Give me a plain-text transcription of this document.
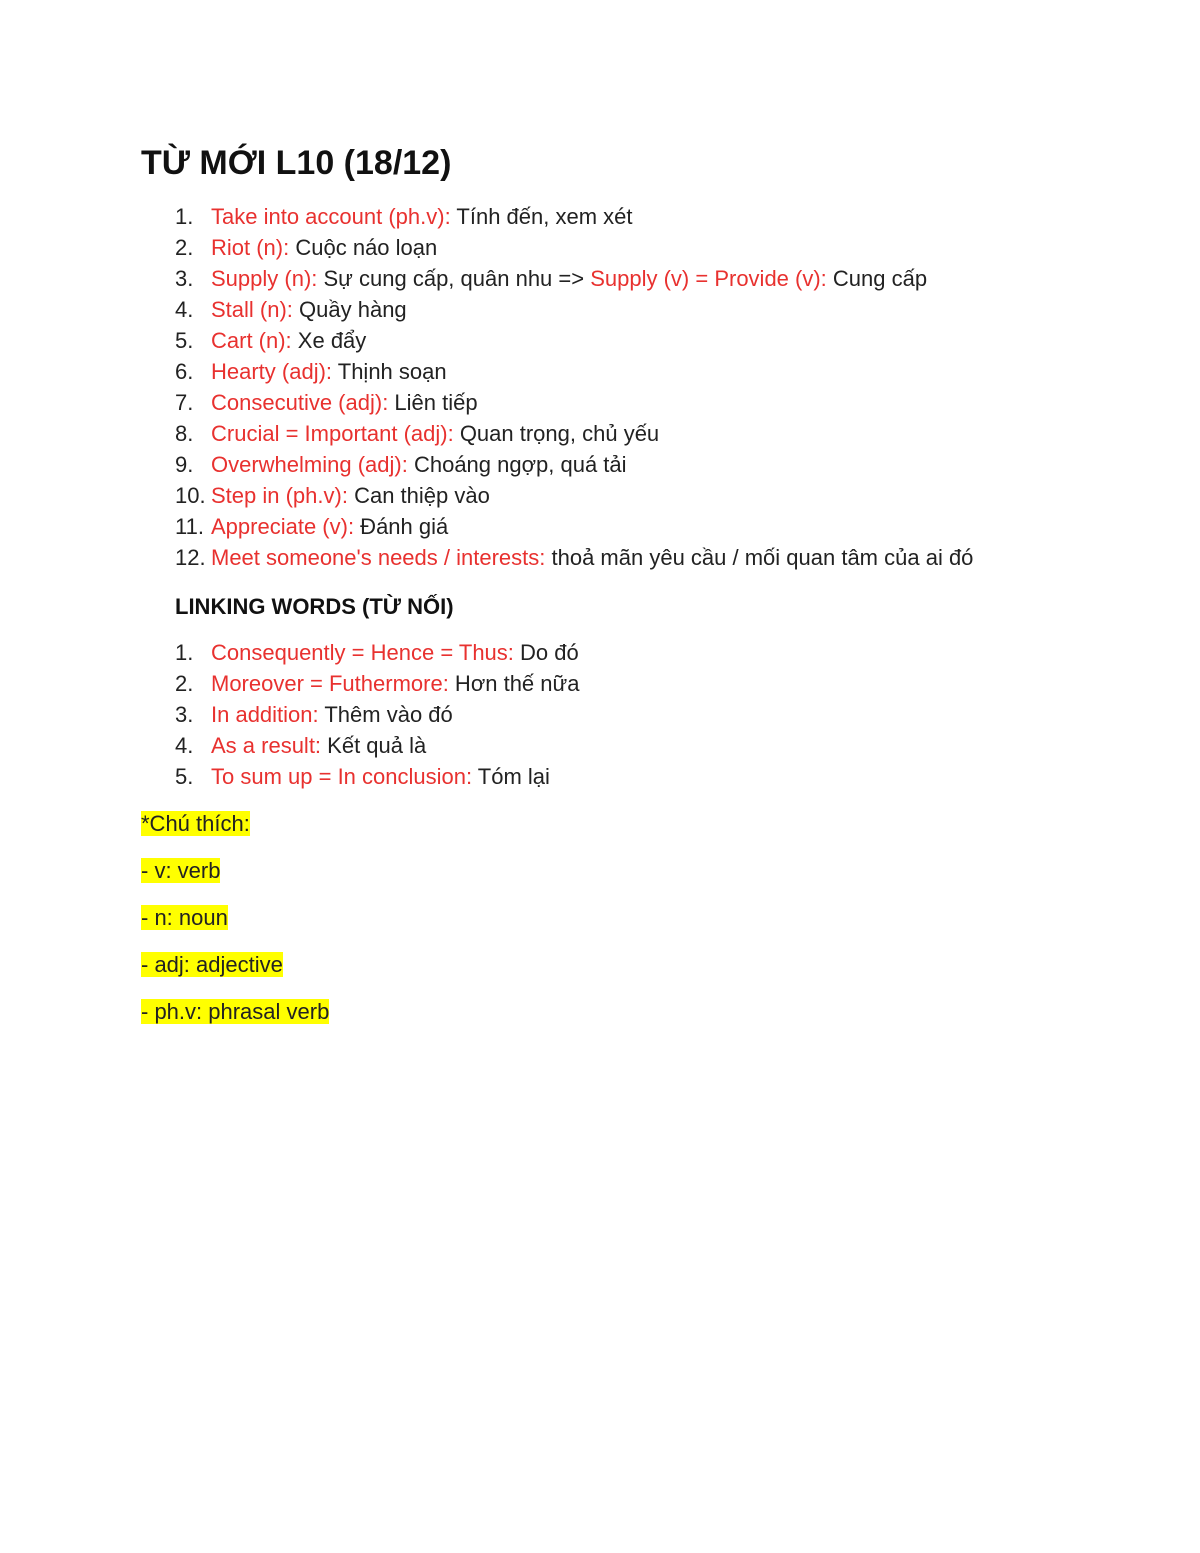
TỪ MỚI L10 (18/12)
1. Take into account (ph.v): Tính đến, xem xét
2. Riot (n): Cuộc náo loạn
3. Supply (n): Sự cung cấp, quân nhu => Supply (v) = Provide (v): Cung cấp
4. Stall (n): Quầy hàng
5. Cart (n): Xe đẩy
6. Hearty (adj): Thịnh soạn
7. Consecutive (adj): Liên tiếp
8. Crucial = Important (adj): Quan trọng, chủ yếu
9. Overwhelming (adj): Choáng ngợp, quá tải
10. Step in (ph.v): Can thiệp vào
11. Appreciate (v): Đánh giá
12. Meet someone's needs / interests: thoả mãn yêu cầu / mối quan tâm của ai đó
LINKING WORDS (TỪ NỐI)
1. Consequently = Hence = Thus: Do đó
2. Moreover = Futhermore: Hơn thế nữa
3. In addition: Thêm vào đó
4. As a result: Kết quả là
5. To sum up = In conclusion: Tóm lại
*Chú thích:
- v: verb
- n: noun
- adj: adjective
- ph.v: phrasal verb
